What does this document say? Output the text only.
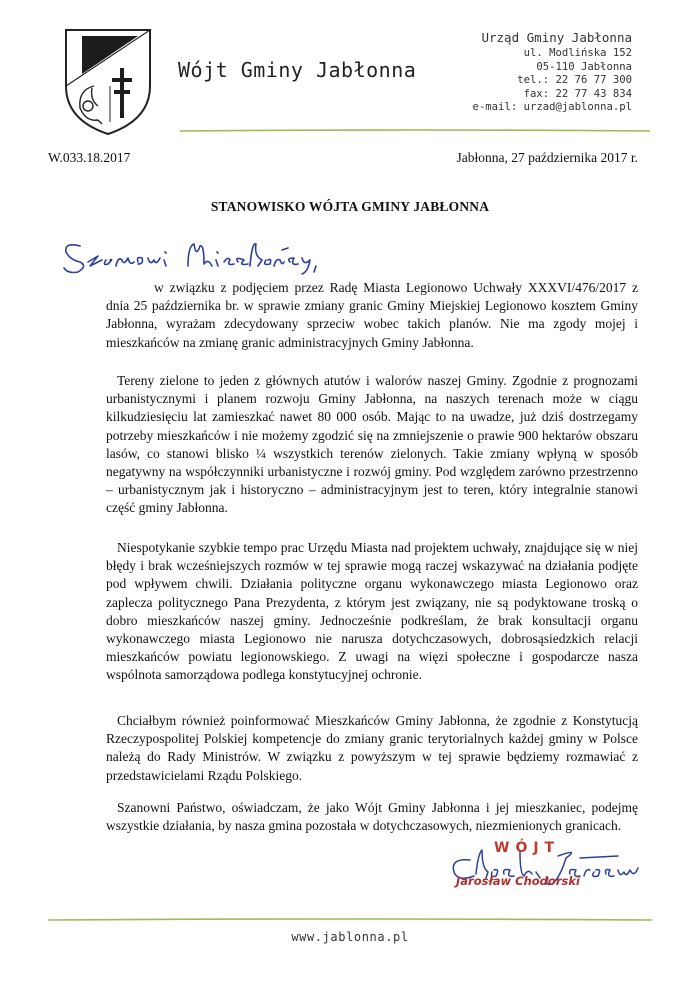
Wójt Gminy Jabłonna
Urząd Gminy Jabłonna
ul. Modlińska 152
05-110 Jabłonna
tel.: 22 76 77 300
fax: 22 77 43 834
e-mail: urzad@jablonna.pl
W.033.18.2017	Jabłonna, 27 października 2017 r.
STANOWISKO WÓJTA GMINY JABŁONNA

w związku z podjęciem przez Radę Miasta Legionowo Uchwały XXXVI/476/2017 z dnia 25 października br. w sprawie zmiany granic Gminy Miejskiej Legionowo kosztem Gminy Jabłonna, wyrażam zdecydowany sprzeciw wobec takich planów. Nie ma zgody mojej i mieszkańców na zmianę granic administracyjnych Gminy Jabłonna.

Tereny zielone to jeden z głównych atutów i walorów naszej Gminy. Zgodnie z prognozami urbanistycznymi i planem rozwoju Gminy Jabłonna, na naszych terenach może w ciągu kilkudziesięciu lat zamieszkać nawet 80 000 osób. Mając to na uwadze, już dziś dostrzegamy potrzeby mieszkańców i nie możemy zgodzić się na zmniejszenie o prawie 900 hektarów obszaru lasów, co stanowi blisko ¼ wszystkich terenów zielonych. Takie zmiany wpłyną w sposób negatywny na współczynniki urbanistyczne i rozwój gminy. Pod względem zarówno przestrzenno – urbanistycznym jak i historyczno – administracyjnym jest to teren, który integralnie stanowi część gminy Jabłonna.

Niespotykanie szybkie tempo prac Urzędu Miasta nad projektem uchwały, znajdujące się w niej błędy i brak wcześniejszych rozmów w tej sprawie mogą raczej wskazywać na działania podjęte pod wpływem chwili. Działania polityczne organu wykonawczego miasta Legionowo oraz zaplecza politycznego Pana Prezydenta, z którym jest związany, nie są podyktowane troską o dobro mieszkańców naszej gminy. Jednocześnie podkreślam, że brak konsultacji organu wykonawczego miasta Legionowo nie narusza dotychczasowych, dobrosąsiedzkich relacji mieszkańców powiatu legionowskiego. Z uwagi na więzi społeczne i gospodarcze nasza wspólnota samorządowa podlega konstytucyjnej ochronie.

Chciałbym również poinformować Mieszkańców Gminy Jabłonna, że zgodnie z Konstytucją Rzeczypospolitej Polskiej kompetencje do zmiany granic terytorialnych każdej gminy w Polsce należą do Rady Ministrów. W związku z powyższym w tej sprawie będziemy rozmawiać z przedstawicielami Rządu Polskiego.

Szanowni Państwo, oświadczam, że jako Wójt Gminy Jabłonna i jej mieszkaniec, podejmę wszystkie działania, by nasza gmina pozostała w dotychczasowych, niezmienionych granicach.

WÓJT
Jarosław Chodorski
www.jablonna.pl
